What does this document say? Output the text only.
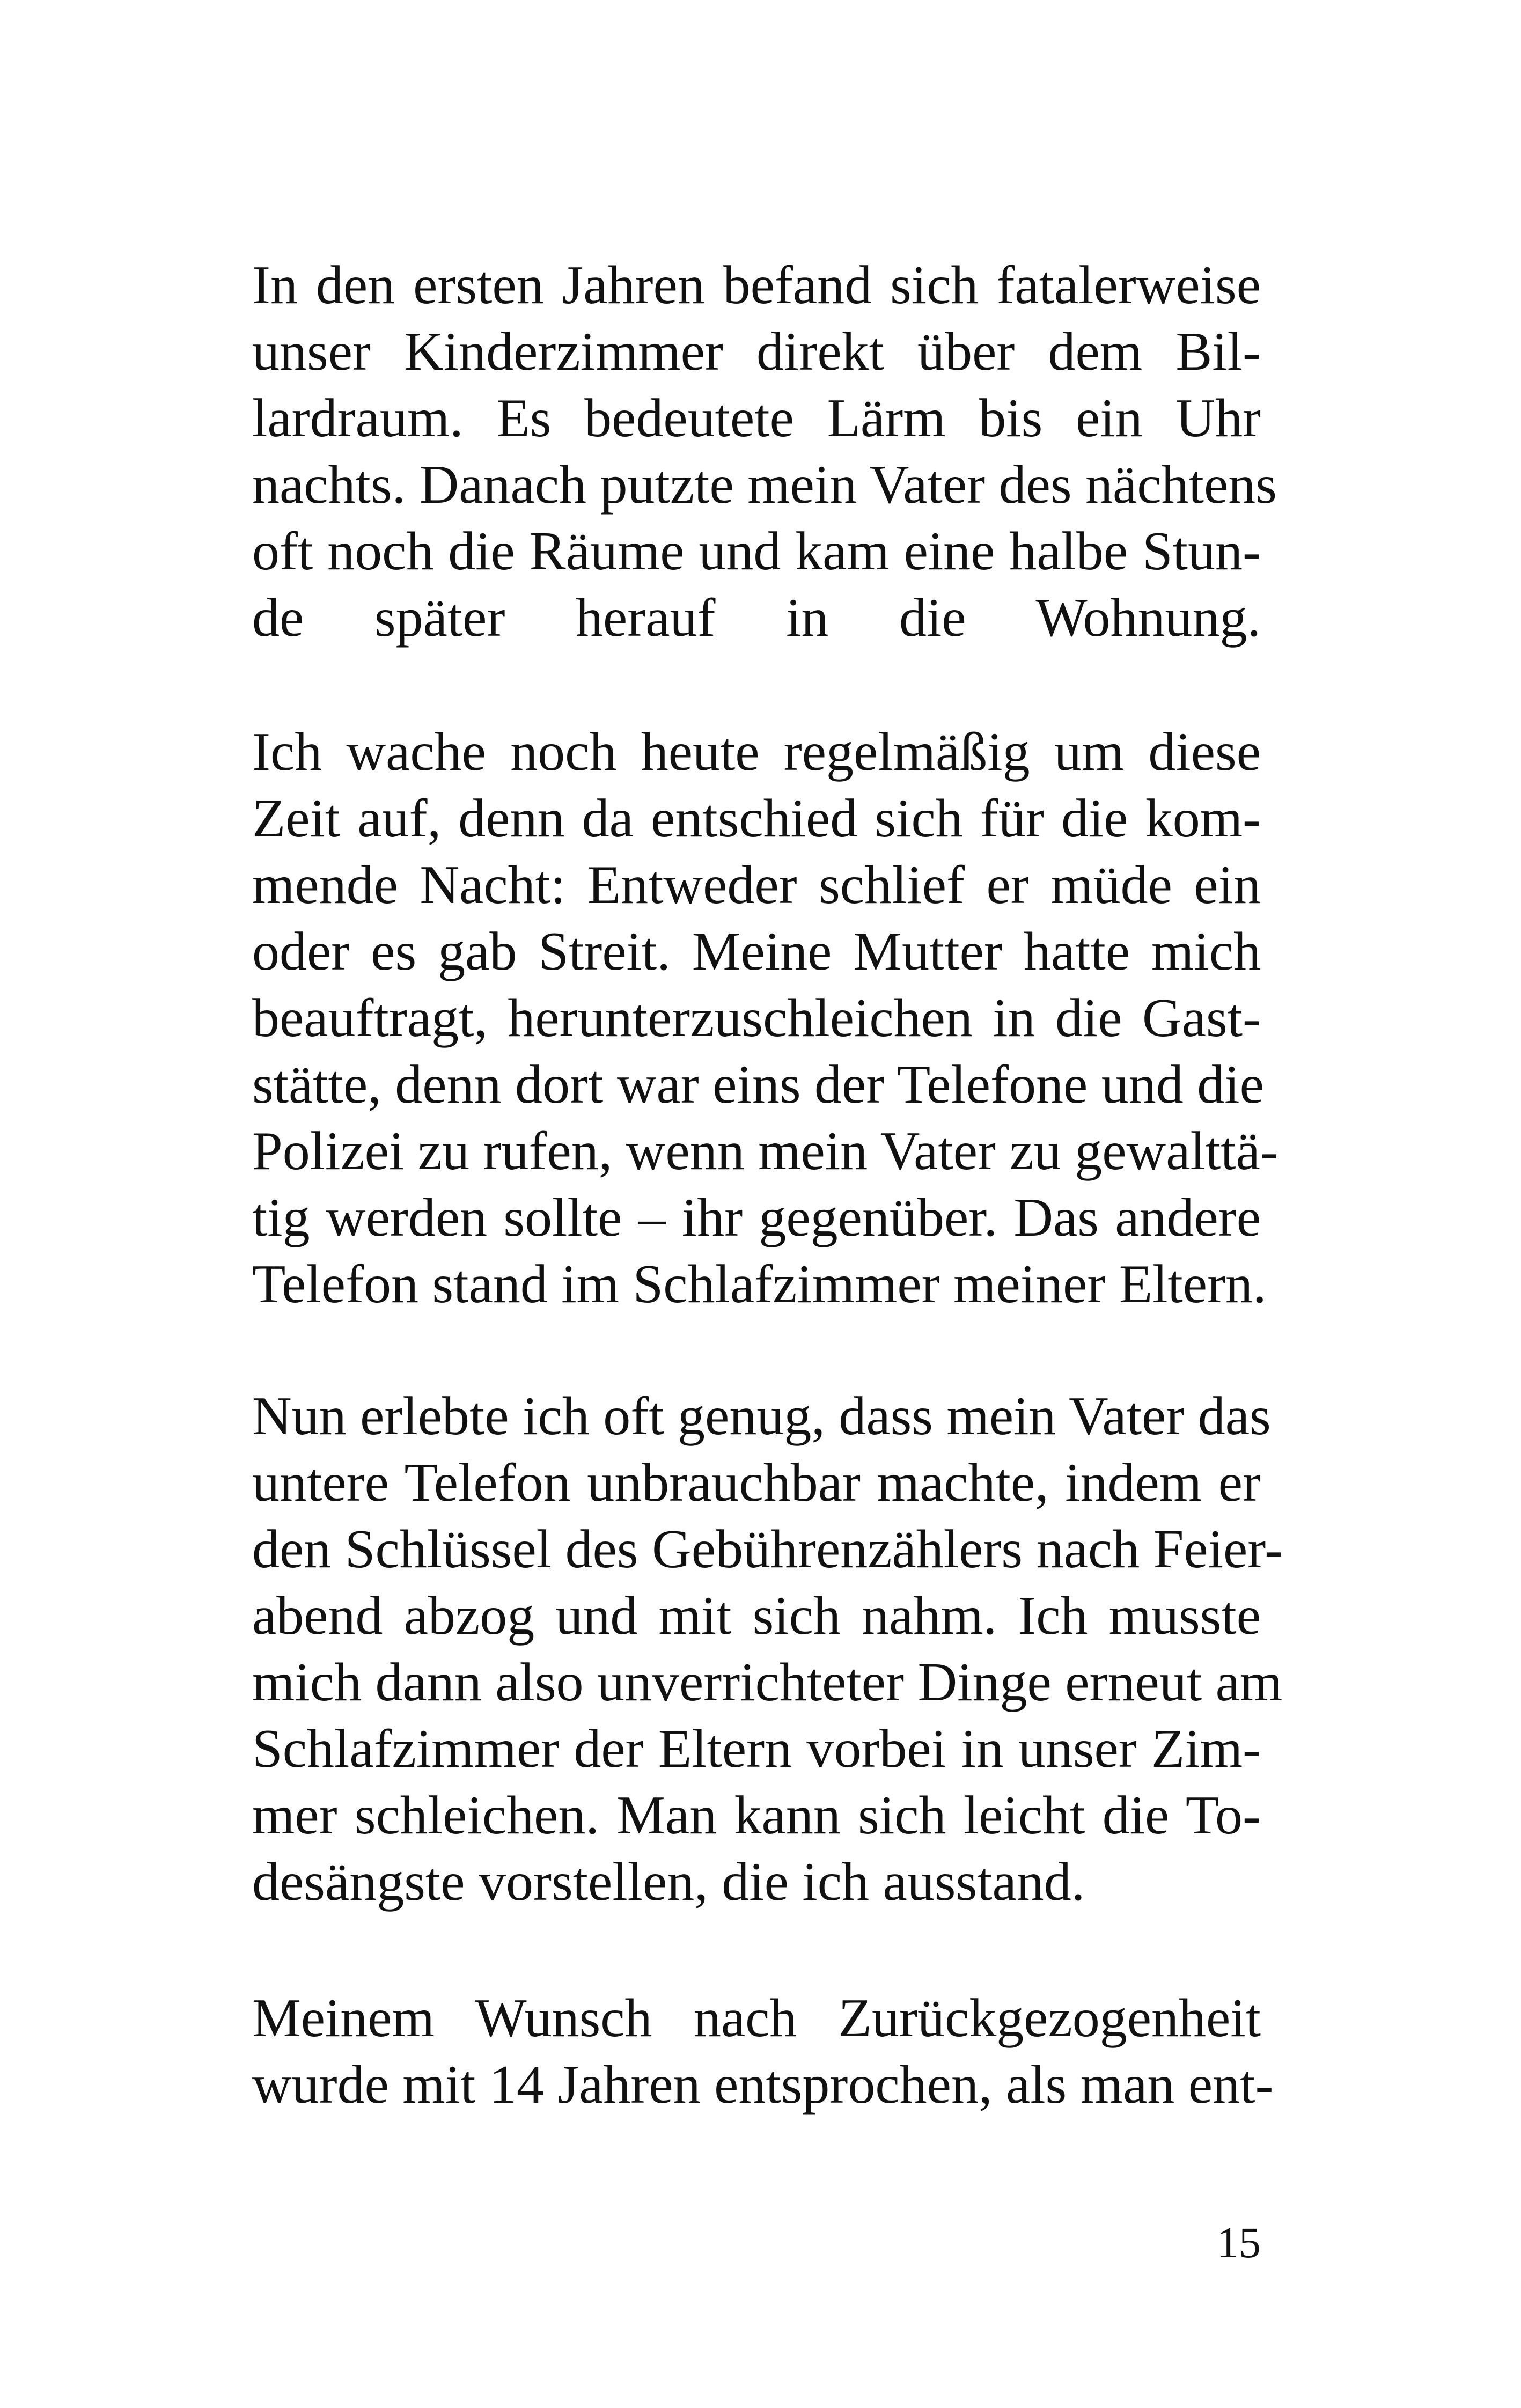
In den ersten Jahren befand sich fatalerweise
unser Kinderzimmer direkt über dem Bil-
lardraum. Es bedeutete Lärm bis ein Uhr
nachts. Danach putzte mein Vater des nächtens
oft noch die Räume und kam eine halbe Stun-
de später herauf in die Wohnung.
Ich wache noch heute regelmäßig um diese
Zeit auf, denn da entschied sich für die kom-
mende Nacht: Entweder schlief er müde ein
oder es gab Streit. Meine Mutter hatte mich
beauftragt, herunterzuschleichen in die Gast-
stätte, denn dort war eins der Telefone und die
Polizei zu rufen, wenn mein Vater zu gewalttä-
tig werden sollte – ihr gegenüber. Das andere
Telefon stand im Schlafzimmer meiner Eltern.
Nun erlebte ich oft genug, dass mein Vater das
untere Telefon unbrauchbar machte, indem er
den Schlüssel des Gebührenzählers nach Feier-
abend abzog und mit sich nahm. Ich musste
mich dann also unverrichteter Dinge erneut am
Schlafzimmer der Eltern vorbei in unser Zim-
mer schleichen. Man kann sich leicht die To-
desängste vorstellen, die ich ausstand.
Meinem Wunsch nach Zurückgezogenheit
wurde mit 14 Jahren entsprochen, als man ent-
15
